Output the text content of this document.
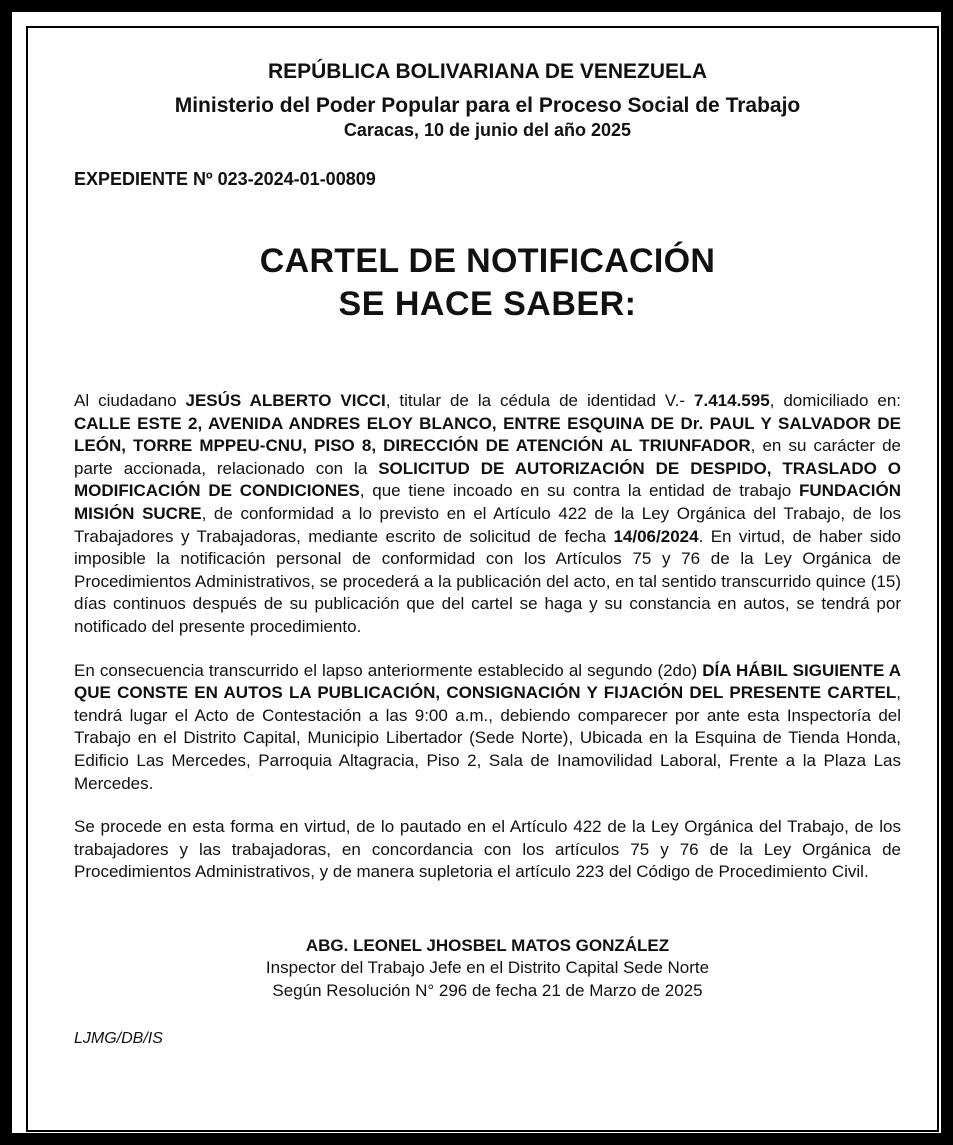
REPÚBLICA BOLIVARIANA DE VENEZUELA
Ministerio del Poder Popular para el Proceso Social de Trabajo
Caracas, 10 de junio del año 2025
EXPEDIENTE Nº 023-2024-01-00809
CARTEL DE NOTIFICACIÓN
SE HACE SABER:

Al ciudadano JESÚS ALBERTO VICCI, titular de la cédula de identidad V.- 7.414.595, domiciliado en: CALLE ESTE 2, AVENIDA ANDRES ELOY BLANCO, ENTRE ESQUINA DE Dr. PAUL Y SALVADOR DE LEÓN, TORRE MPPEU-CNU, PISO 8, DIRECCIÓN DE ATENCIÓN AL TRIUNFADOR, en su carácter de parte accionada, relacionado con la SOLICITUD DE AUTORIZACIÓN DE DESPIDO, TRASLADO O MODIFICACIÓN DE CONDICIONES, que tiene incoado en su contra la entidad de trabajo FUNDACIÓN MISIÓN SUCRE, de conformidad a lo previsto en el Artículo 422 de la Ley Orgánica del Trabajo, de los Trabajadores y Trabajadoras, mediante escrito de solicitud de fecha 14/06/2024. En virtud, de haber sido imposible la notificación personal de conformidad con los Artículos 75 y 76 de la Ley Orgánica de Procedimientos Administrativos, se procederá a la publicación del acto, en tal sentido transcurrido quince (15) días continuos después de su publicación que del cartel se haga y su constancia en autos, se tendrá por notificado del presente procedimiento.

En consecuencia transcurrido el lapso anteriormente establecido al segundo (2do) DÍA HÁBIL SIGUIENTE A QUE CONSTE EN AUTOS LA PUBLICACIÓN, CONSIGNACIÓN Y FIJACIÓN DEL PRESENTE CARTEL, tendrá lugar el Acto de Contestación a las 9:00 a.m., debiendo comparecer por ante esta Inspectoría del Trabajo en el Distrito Capital, Municipio Libertador (Sede Norte), Ubicada en la Esquina de Tienda Honda, Edificio Las Mercedes, Parroquia Altagracia, Piso 2, Sala de Inamovilidad Laboral, Frente a la Plaza Las Mercedes.

Se procede en esta forma en virtud, de lo pautado en el Artículo 422 de la Ley Orgánica del Trabajo, de los trabajadores y las trabajadoras, en concordancia con los artículos 75 y 76 de la Ley Orgánica de Procedimientos Administrativos, y de manera supletoria el artículo 223 del Código de Procedimiento Civil.

ABG. LEONEL JHOSBEL MATOS GONZÁLEZ
Inspector del Trabajo Jefe en el Distrito Capital Sede Norte
Según Resolución N° 296 de fecha 21 de Marzo de 2025
LJMG/DB/IS
